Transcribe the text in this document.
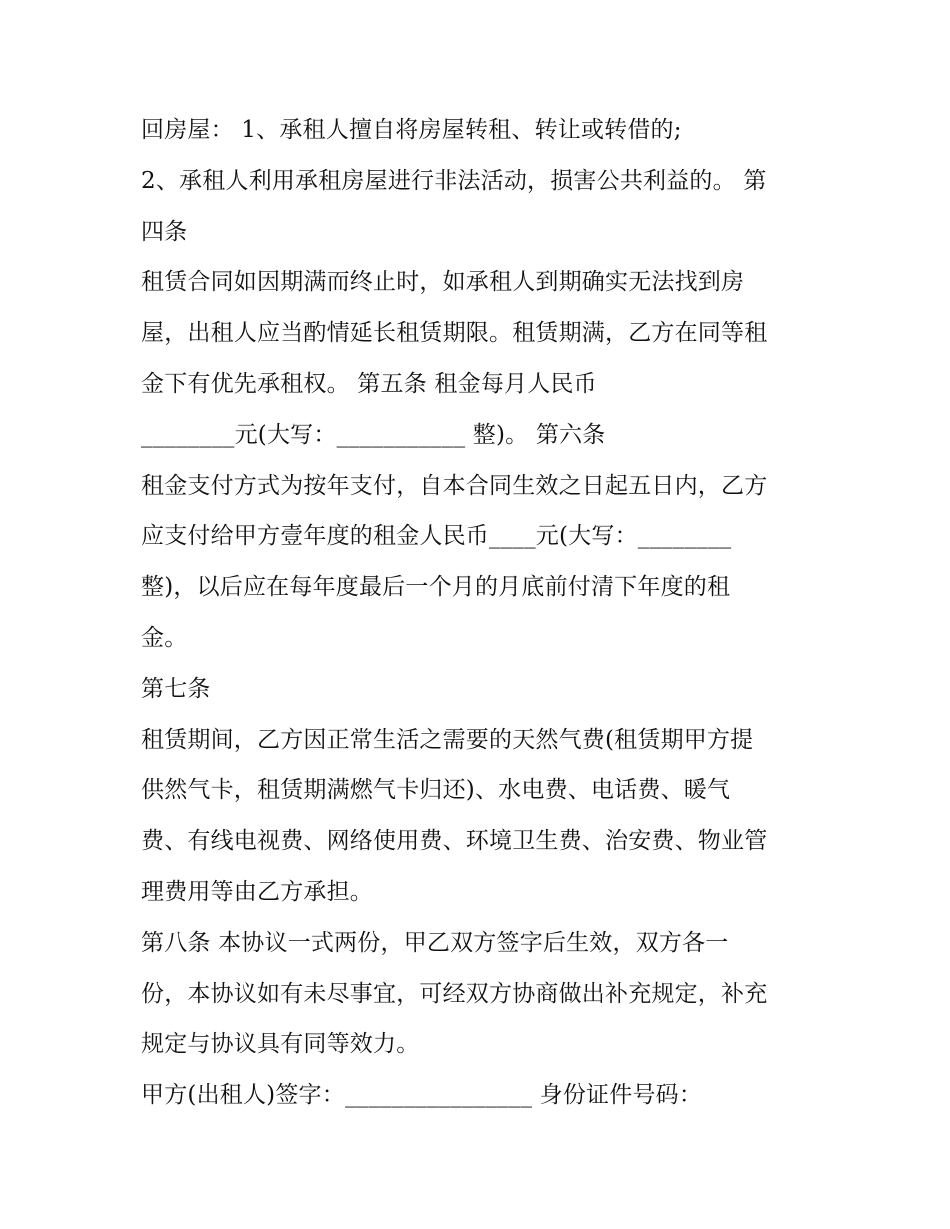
回房屋： 1、承租人擅自将房屋转租、转让或转借的;
2、承租人利用承租房屋进行非法活动，损害公共利益的。 第
四条
租赁合同如因期满而终止时，如承租人到期确实无法找到房
屋，出租人应当酌情延长租赁期限。租赁期满，乙方在同等租
金下有优先承租权。 第五条 租金每月人民币
________元(大写：___________ 整)。 第六条
租金支付方式为按年支付，自本合同生效之日起五日内，乙方
应支付给甲方壹年度的租金人民币____元(大写：________
整)，以后应在每年度最后一个月的月底前付清下年度的租
金。
第七条
租赁期间，乙方因正常生活之需要的天然气费(租赁期甲方提
供然气卡，租赁期满燃气卡归还)、水电费、电话费、暖气
费、有线电视费、网络使用费、环境卫生费、治安费、物业管
理费用等由乙方承担。
第八条 本协议一式两份，甲乙双方签字后生效，双方各一
份，本协议如有未尽事宜，可经双方协商做出补充规定，补充
规定与协议具有同等效力。
甲方(出租人)签字：________________ 身份证件号码：
